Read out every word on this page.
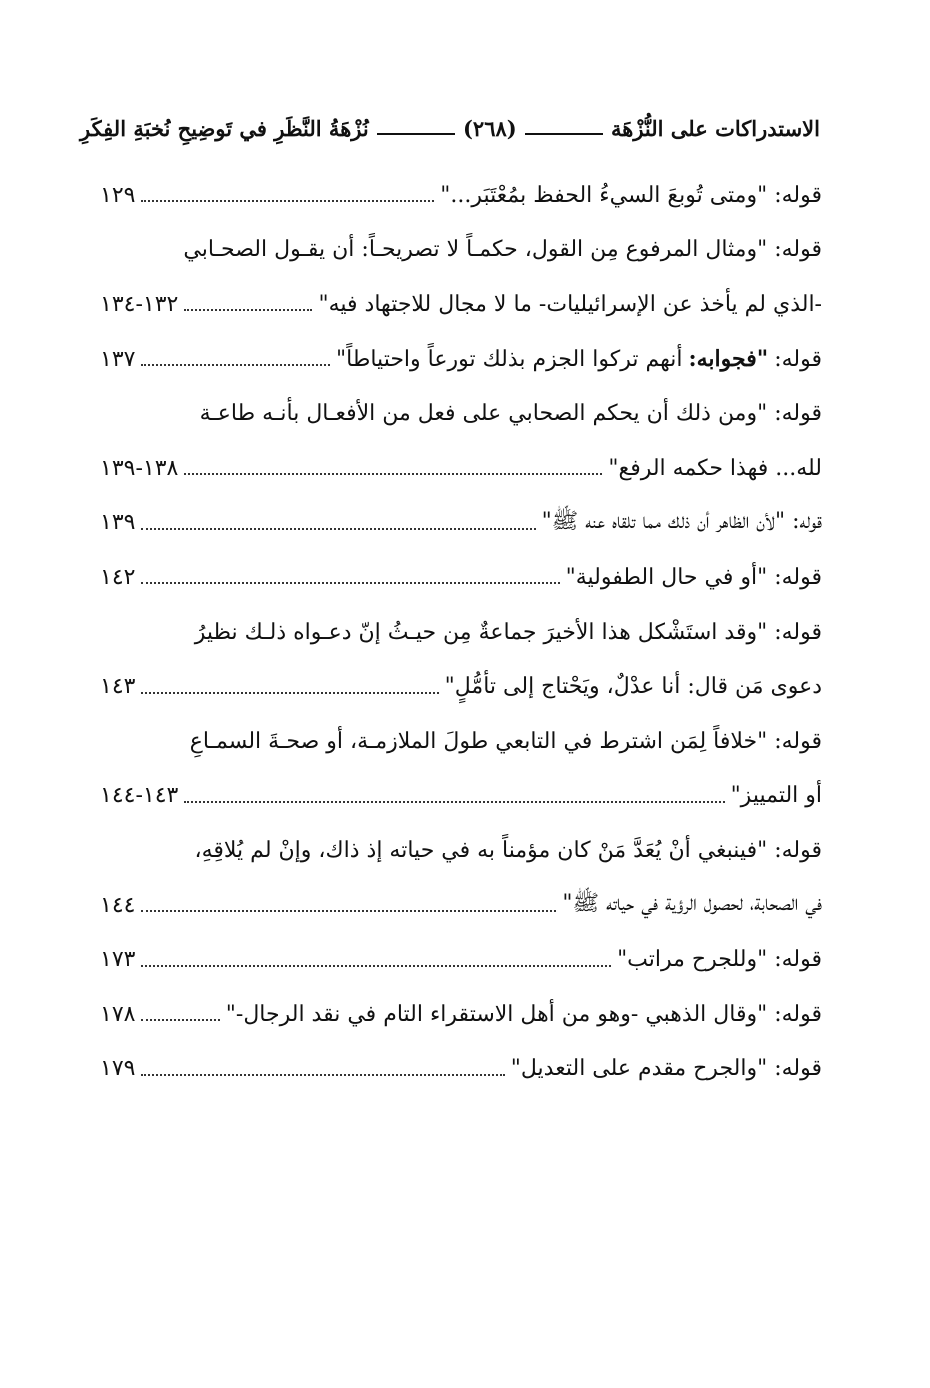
الاستدراكات على النُّزْهَة
(٢٦٨)
نُزْهَةُ النَّظَرِ في تَوضِيحِ نُخبَةِ الفِكَرِ
قوله: "ومتى تُوبعَ السيءُ الحفظ بمُعْتَبَر..."
١٢٩
قوله: "ومثال المرفوع مِن القول، حكمـاً لا تصريحـاً: أن يقـول الصحـابي
-الذي لم يأخذ عن الإسرائيليات- ما لا مجال للاجتهاد فيه"
١٣٢-١٣٤
قوله:
"فجوابه:
أنهم تركوا الجزم بذلك تورعاً واحتياطاً"
١٣٧
قوله: "ومن ذلك أن يحكم الصحابي على فعل من الأفعـال بأنـه طاعـة
لله... فهذا حكمه الرفع"
١٣٨-١٣٩
قوله: "لأن الظاهر أن ذلك مما تلقاه عنه ﷺ"
١٣٩
قوله: "أو في حال الطفولية"
١٤٢
قوله: "وقد استَشْكل هذا الأخيرَ جماعةٌ مِن حيـثُ إنّ دعـواه ذلـك نظيرُ
دعوى مَن قال: أنا عدْلٌ، ويَحْتاج إلى تأمُّلٍ"
١٤٣
قوله: "خلافاً لِمَن اشترط في التابعي طولَ الملازمـة، أو صحـةَ السمـاعِ
أو التمييز"
١٤٣-١٤٤
قوله: "فينبغي أنْ يُعَدَّ مَنْ كان مؤمناً به في حياته إذ ذاك، وإنْ لم يُلاقِهِ،
في الصحابة، لحصول الرؤية في حياته ﷺ"
١٤٤
قوله: "وللجرح مراتب"
١٧٣
قوله: "وقال الذهبي -وهو من أهل الاستقراء التام في نقد الرجال-"
١٧٨
قوله: "والجرح مقدم على التعديل"
١٧٩
